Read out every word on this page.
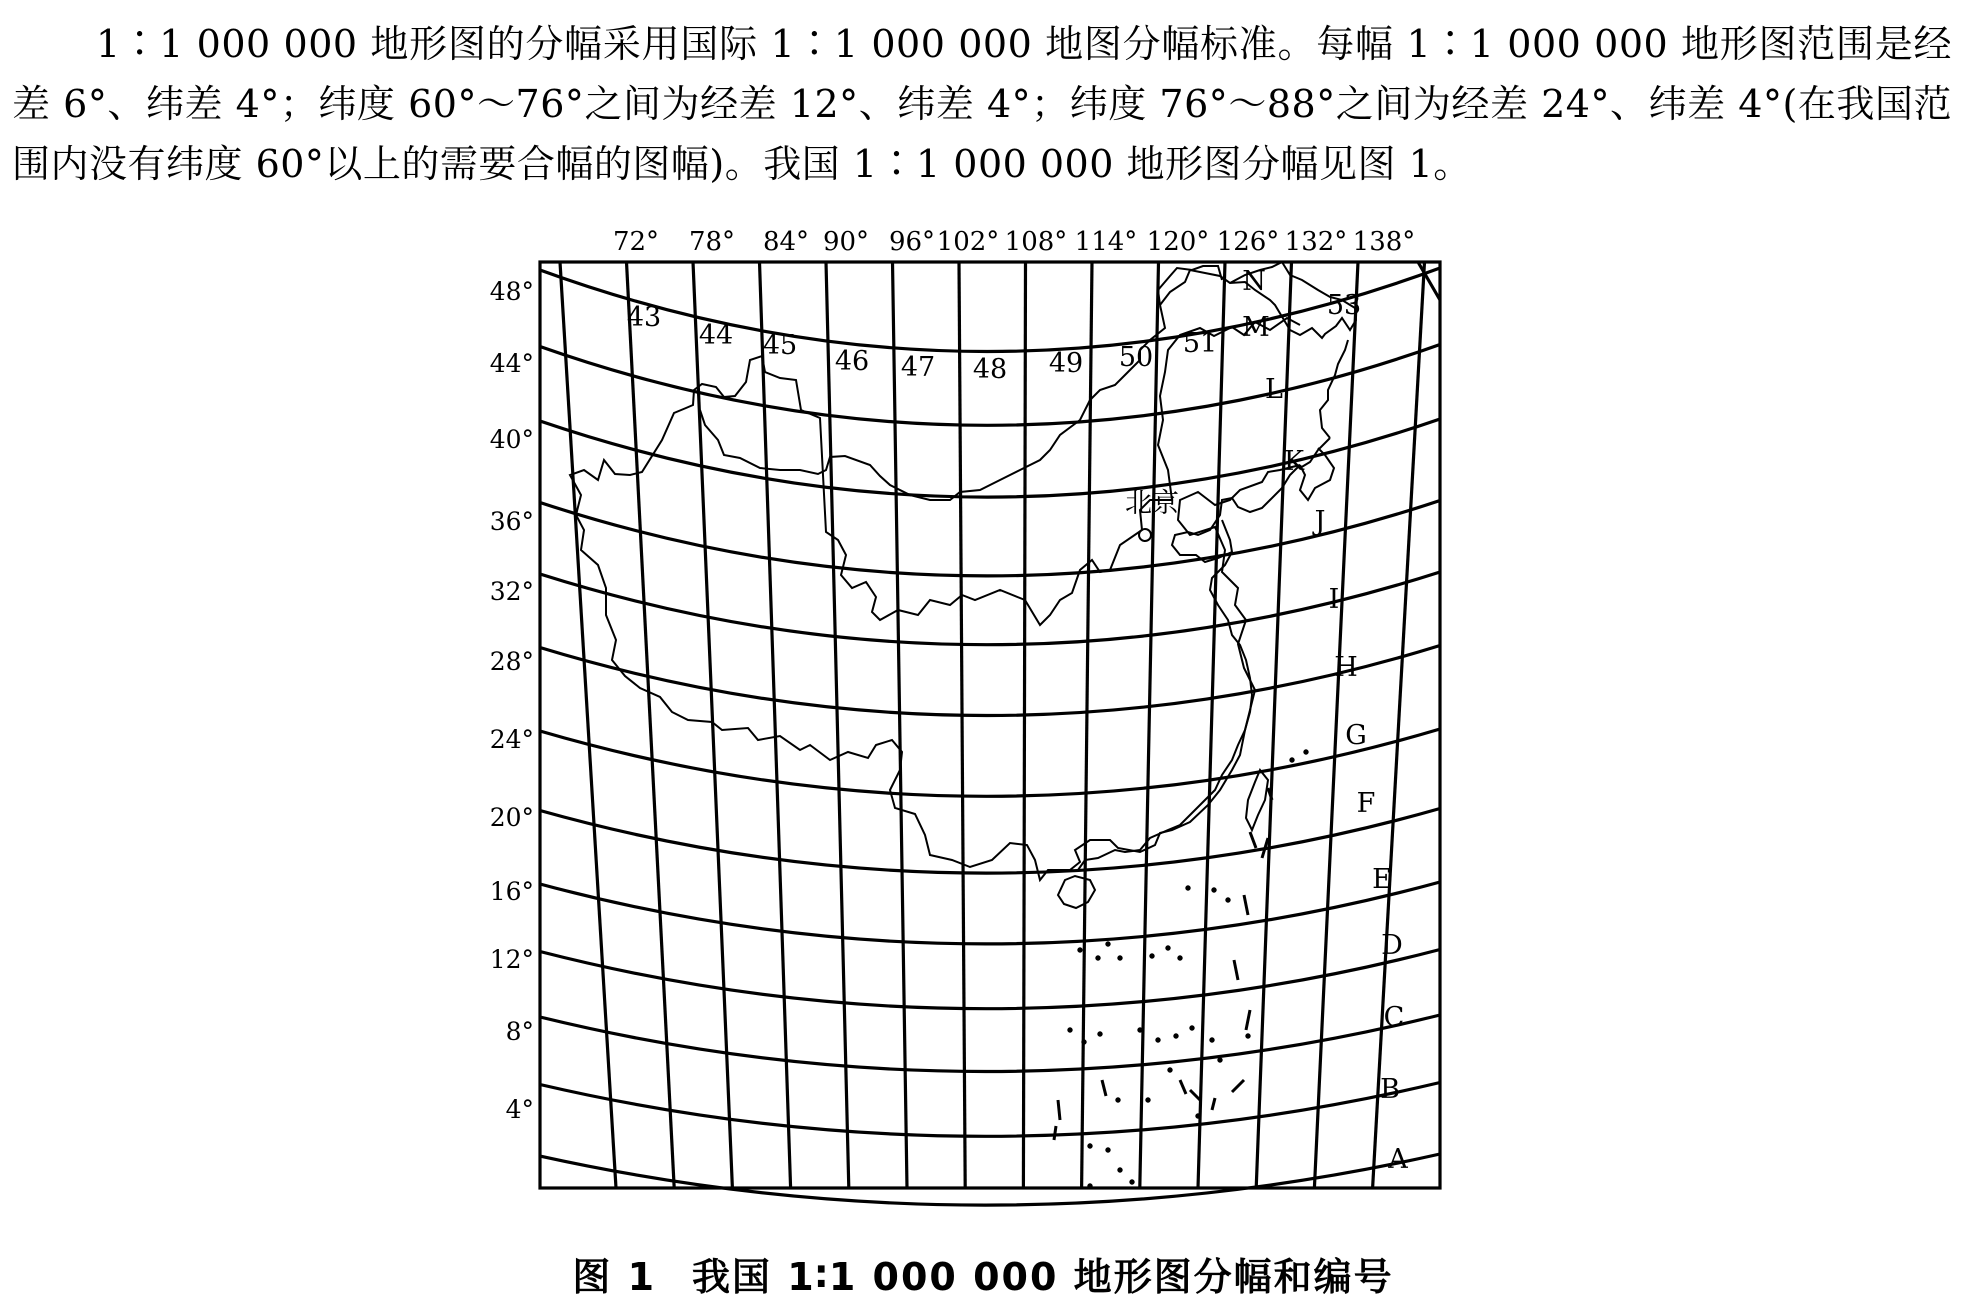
1∶1 000 000 地形图的分幅采用国际 1∶1 000 000 地图分幅标准。每幅 1∶1 000 000 地形图范围是经差 6°、纬差 4°；纬度 60°～76°之间为经差 12°、纬差 4°；纬度 76°～88°之间为经差 24°、纬差 4°(在我国范围内没有纬度 60°以上的需要合幅的图幅)。我国 1∶1 000 000 地形图分幅见图 1。

72° 78° 84° 90° 96° 102° 108° 114° 120° 126° 132° 138°
48°
44°
40°
36°
32°
28°
24°
20°
16°
12°
8°
4°
43
44 45
46 47 48 49 50 51
53
N
M
L
K
J
I
H
G
F
E
D
C
B
A
北京

图 1 我国 1∶1 000 000 地形图分幅和编号
